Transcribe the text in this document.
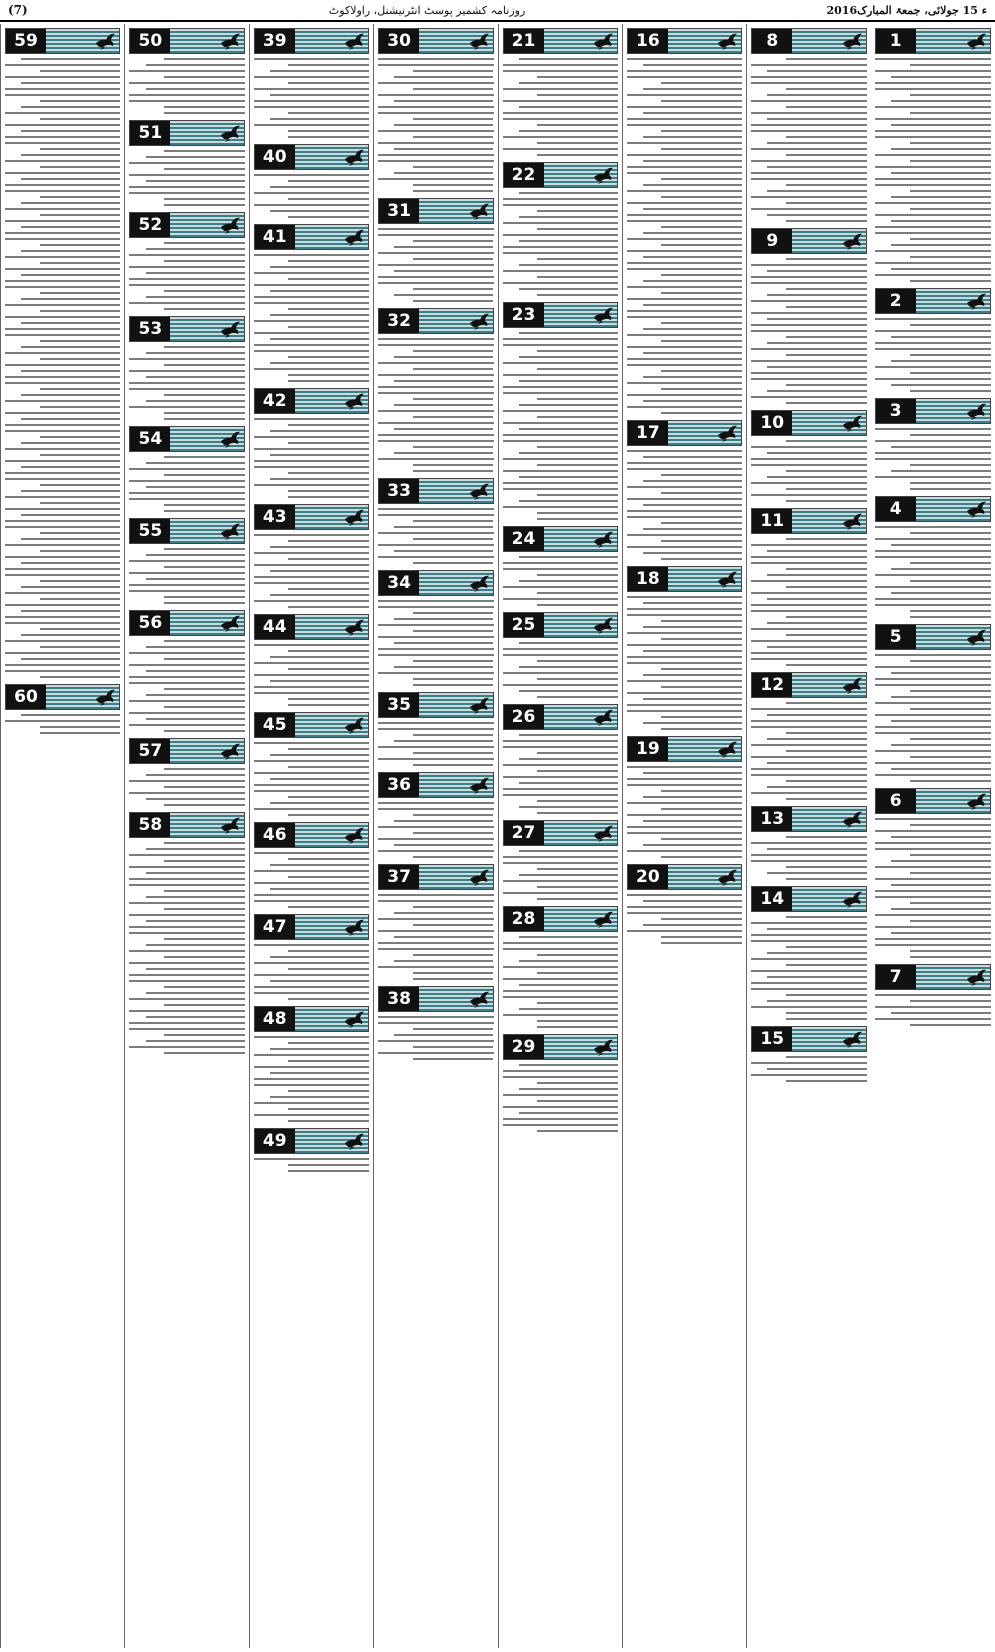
(7)	روزنامہ کشمیر پوسٹ انٹرنیشنل، راولاکوٹ	2016ء 15 جولائی، جمعۃ المبارک
1
2
3
4
5
6
7
8
9
10
11
12
13
14
15
16
17
18
19
20
21
22
23
24
25
26
27
28
29
30
31
32
33
34
35
36
37
38
39
40
41
42
43
44
45
46
47
48
49
50
51
52
53
54
55
56
57
58
59
60
